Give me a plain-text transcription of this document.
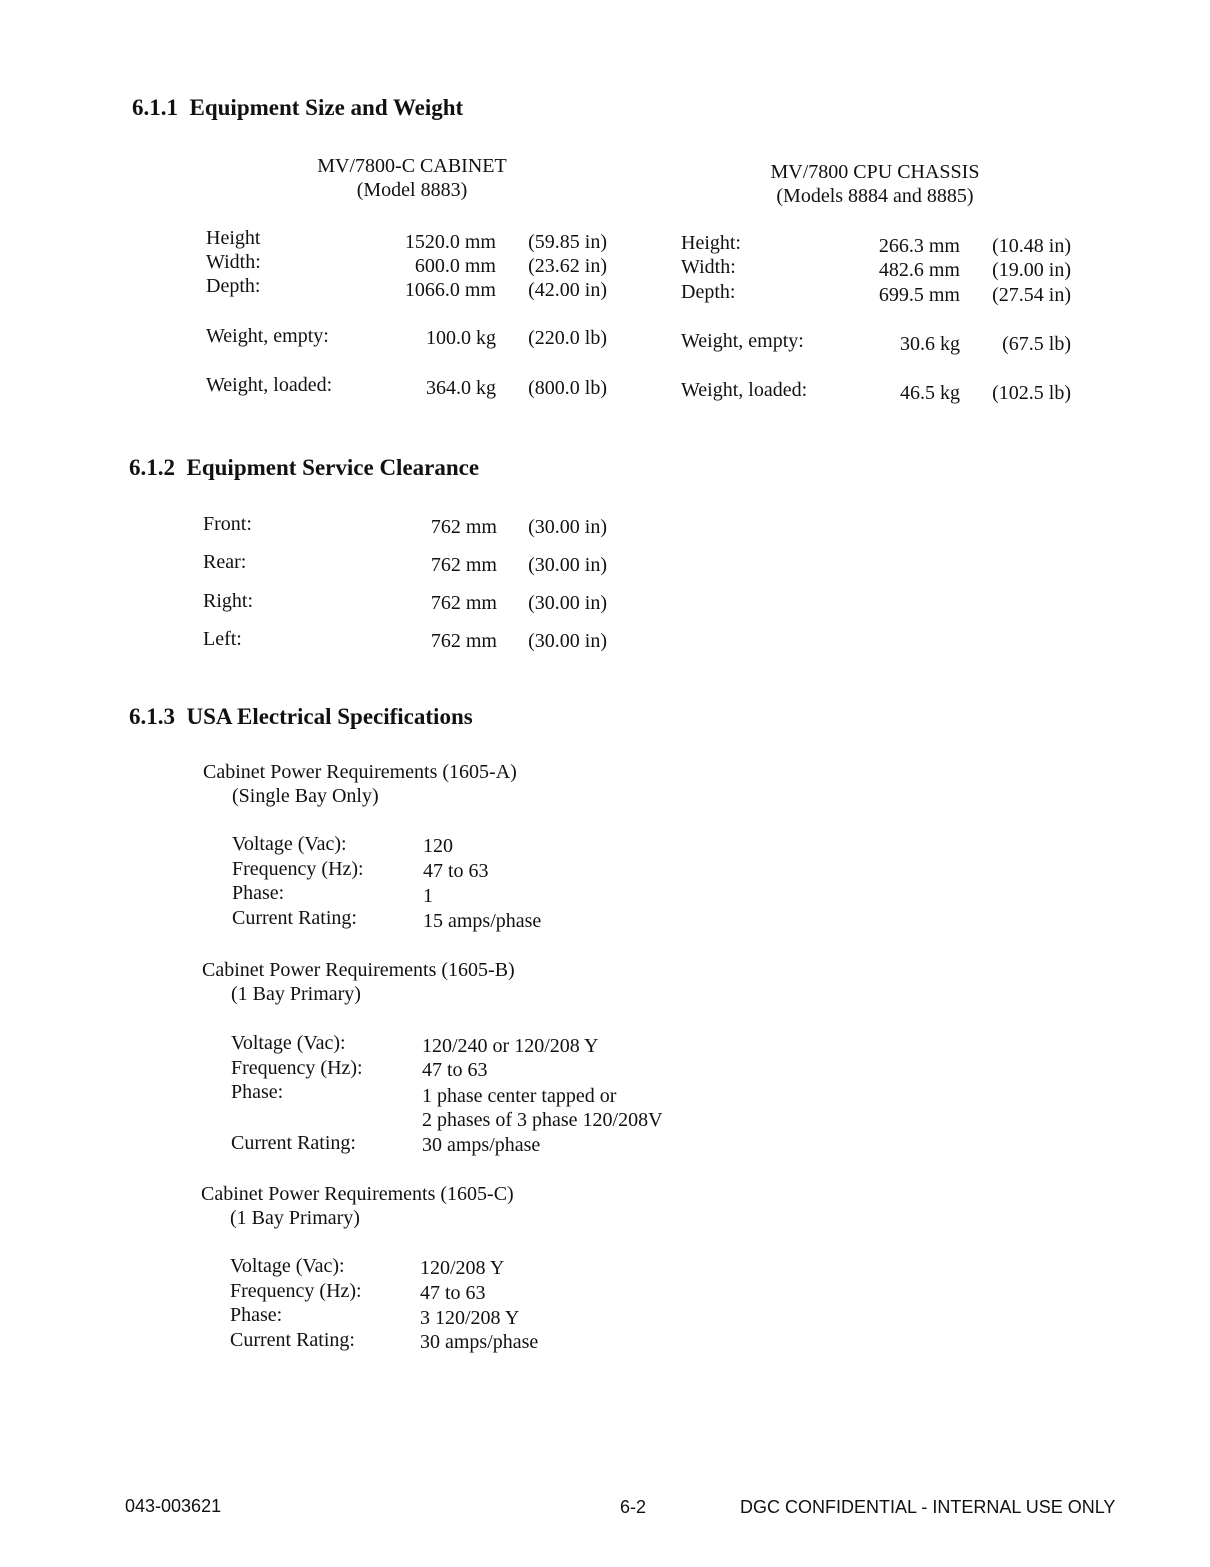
6.1.1 Equipment Size and Weight
MV/7800-C CABINET
(Model 8883)
MV/7800 CPU CHASSIS
(Models 8884 and 8885)
Height	1520.0 mm	(59.85 in)
Width:	600.0 mm	(23.62 in)
Depth:	1066.0 mm	(42.00 in)
Weight, empty:	100.0 kg	(220.0 lb)
Weight, loaded:	364.0 kg	(800.0 lb)
Height:	266.3 mm	(10.48 in)
Width:	482.6 mm	(19.00 in)
Depth:	699.5 mm	(27.54 in)
Weight, empty:	30.6 kg	(67.5 lb)
Weight, loaded:	46.5 kg	(102.5 lb)
6.1.2 Equipment Service Clearance
Front:	762 mm	(30.00 in)
Rear:	762 mm	(30.00 in)
Right:	762 mm	(30.00 in)
Left:	762 mm	(30.00 in)
6.1.3 USA Electrical Specifications
Cabinet Power Requirements (1605-A)
(Single Bay Only)
Voltage (Vac):	120
Frequency (Hz):	47 to 63
Phase:	1
Current Rating:	15 amps/phase
Cabinet Power Requirements (1605-B)
(1 Bay Primary)
Voltage (Vac):	120/240 or 120/208 Y
Frequency (Hz):	47 to 63
Phase:	1 phase center tapped or
2 phases of 3 phase 120/208V
Current Rating:	30 amps/phase
Cabinet Power Requirements (1605-C)
(1 Bay Primary)
Voltage (Vac):	120/208 Y
Frequency (Hz):	47 to 63
Phase:	3 120/208 Y
Current Rating:	30 amps/phase
043-003621	6-2	DGC CONFIDENTIAL - INTERNAL USE ONLY
